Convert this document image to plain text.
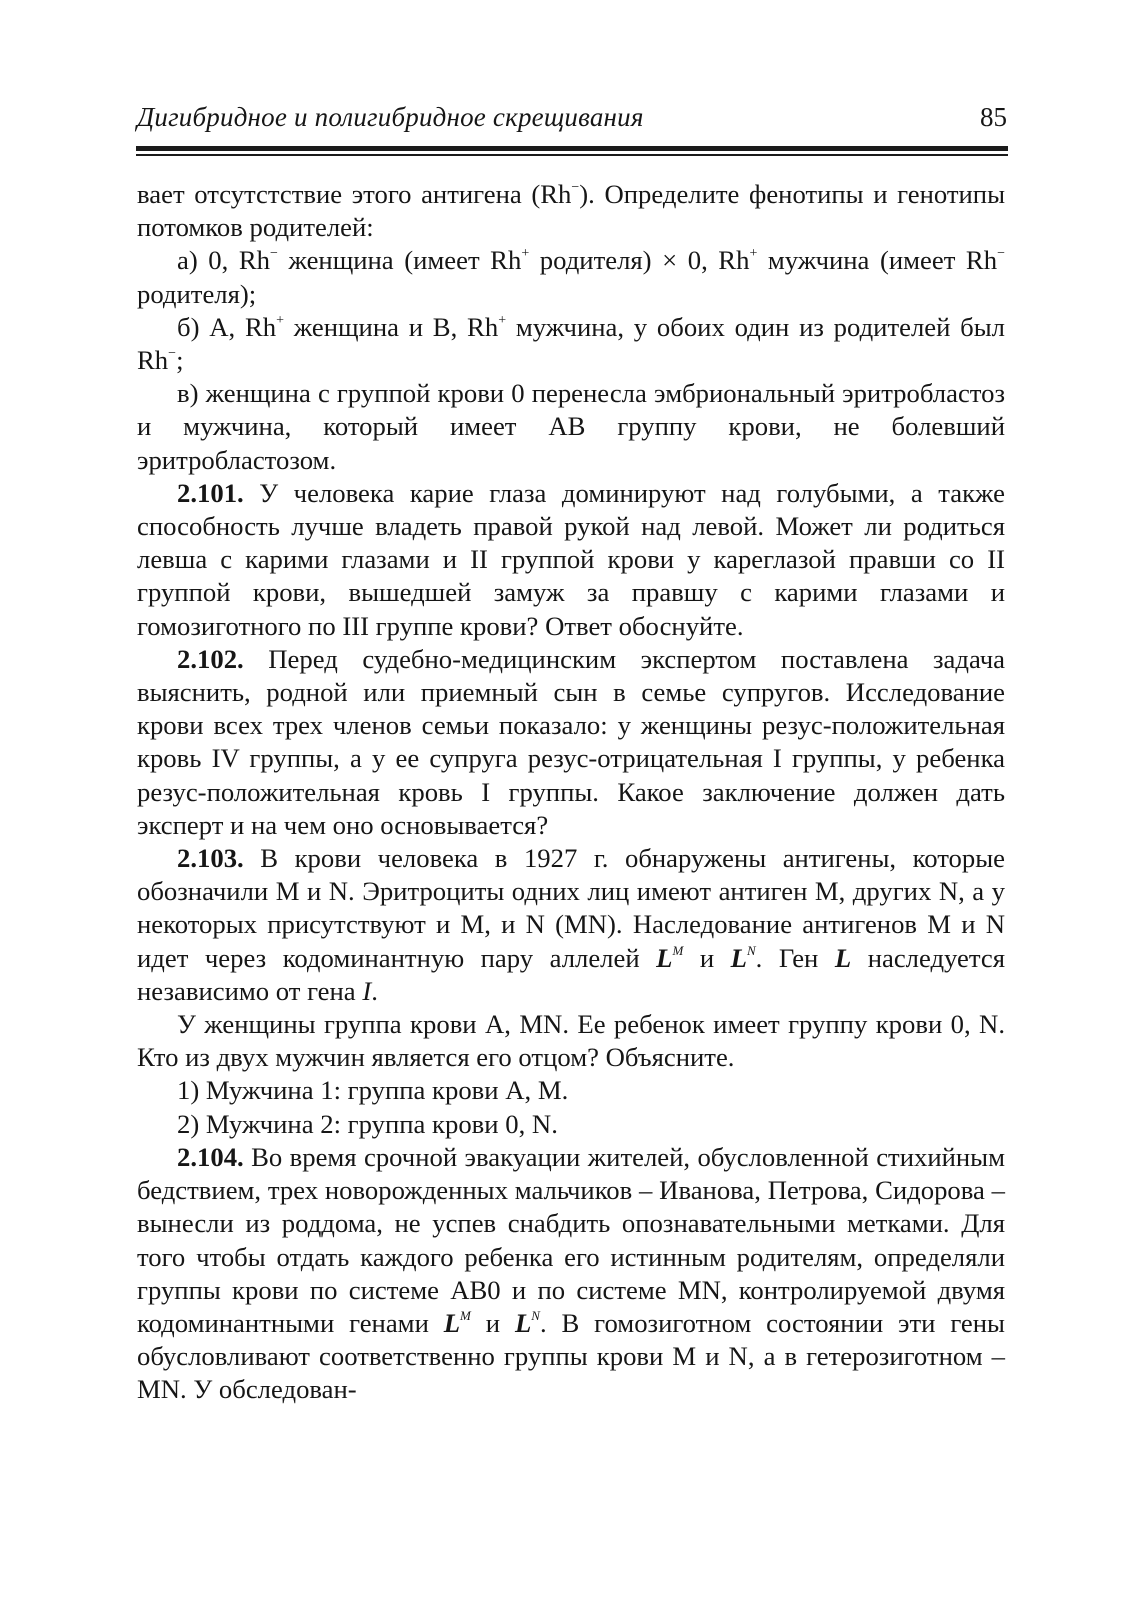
Дигибридное и полигибридное скрещивания	85

вает отсутстствие этого антигена (Rh−). Определите фенотипы и генотипы потомков родителей:

а) 0, Rh− женщина (имеет Rh+ родителя) × 0, Rh+ мужчина (имеет Rh− родителя);

б) А, Rh+ женщина и В, Rh+ мужчина, у обоих один из родителей был Rh−;

в) женщина с группой крови 0 перенесла эмбриональный эритробластоз и мужчина, который имеет АВ группу крови, не болевший эритробластозом.

2.101. У человека карие глаза доминируют над голубыми, а также способность лучше владеть правой рукой над левой. Может ли родиться левша с карими глазами и II группой крови у кареглазой правши со II группой крови, вышедшей замуж за правшу с карими глазами и гомозиготного по III группе крови? Ответ обоснуйте.

2.102. Перед судебно-медицинским экспертом поставлена задача выяснить, родной или приемный сын в семье супругов. Исследование крови всех трех членов семьи показало: у женщины резус-положительная кровь IV группы, а у ее супруга резус-отрицательная I группы, у ребенка резус-положительная кровь I группы. Какое заключение должен дать эксперт и на чем оно основывается?

2.103. В крови человека в 1927 г. обнаружены антигены, которые обозначили М и N. Эритроциты одних лиц имеют антиген М, других N, а у некоторых присутствуют и М, и N (MN). Наследование антигенов М и N идет через кодоминантную пару аллелей $L^M$ и $L^N$. Ген L наследуется независимо от гена I.

У женщины группа крови А, MN. Ее ребенок имеет группу крови 0, N. Кто из двух мужчин является его отцом? Объясните.

1) Мужчина 1: группа крови А, М.

2) Мужчина 2: группа крови 0, N.

2.104. Во время срочной эвакуации жителей, обусловленной стихийным бедствием, трех новорожденных мальчиков – Иванова, Петрова, Сидорова – вынесли из роддома, не успев снабдить опознавательными метками. Для того чтобы отдать каждого ребенка его истинным родителям, определяли группы крови по системе АВ0 и по системе MN, контролируемой двумя кодоминантными генами $L^M$ и $L^N$. В гомозиготном состоянии эти гены обусловливают соответственно группы крови М и N, а в гетерозиготном – MN. У обследован-
